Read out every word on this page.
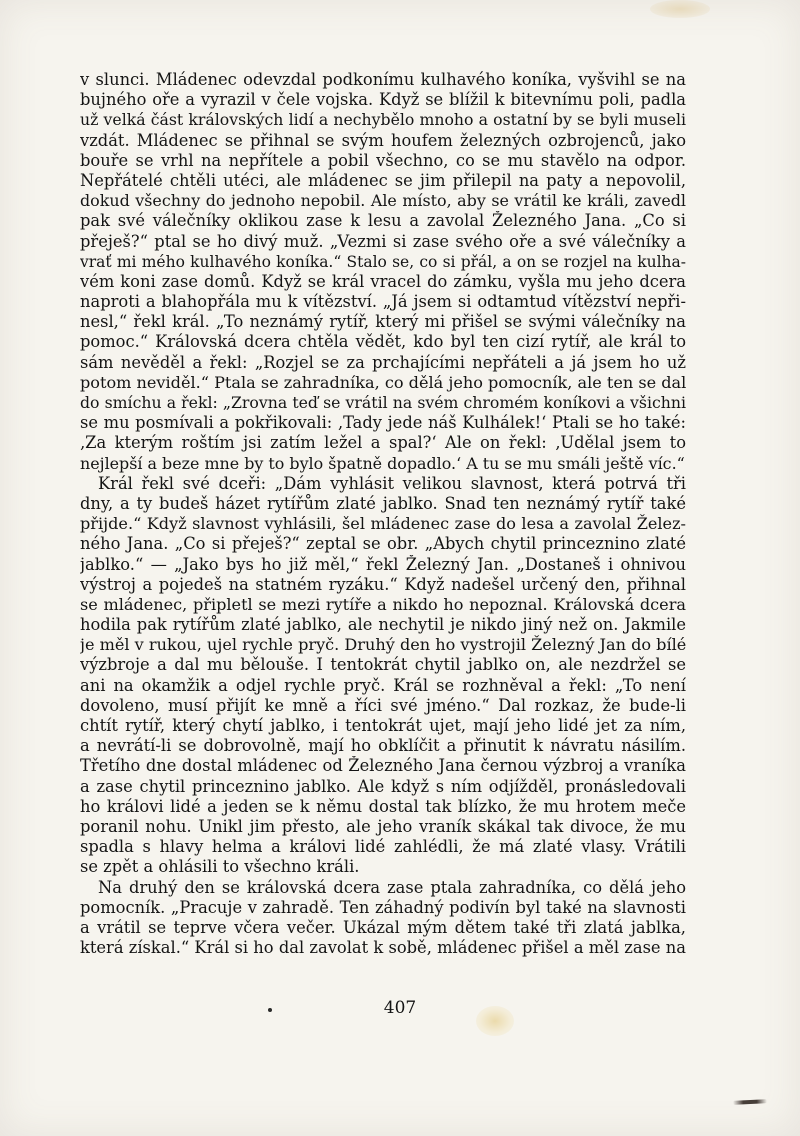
v slunci. Mládenec odevzdal podkonímu kulhavého koníka, vyšvihl se na
bujného oře a vyrazil v čele vojska. Když se blížil k bitevnímu poli, padla
už velká část královských lidí a nechybělo mnoho a ostatní by se byli museli
vzdát. Mládenec se přihnal se svým houfem železných ozbrojenců, jako
bouře se vrhl na nepřítele a pobil všechno, co se mu stavělo na odpor.
Nepřátelé chtěli utéci, ale mládenec se jim přilepil na paty a nepovolil,
dokud všechny do jednoho nepobil. Ale místo, aby se vrátil ke králi, zavedl
pak své válečníky oklikou zase k lesu a zavolal Železného Jana. „Co si
přeješ?“ ptal se ho divý muž. „Vezmi si zase svého oře a své válečníky a
vrať mi mého kulhavého koníka.“ Stalo se, co si přál, a on se rozjel na kulha-
vém koni zase domů. Když se král vracel do zámku, vyšla mu jeho dcera
naproti a blahopřála mu k vítězství. „Já jsem si odtamtud vítězství nepři-
nesl,“ řekl král. „To neznámý rytíř, který mi přišel se svými válečníky na
pomoc.“ Královská dcera chtěla vědět, kdo byl ten cizí rytíř, ale král to
sám nevěděl a řekl: „Rozjel se za prchajícími nepřáteli a já jsem ho už
potom neviděl.“ Ptala se zahradníka, co dělá jeho pomocník, ale ten se dal
do smíchu a řekl: „Zrovna teď se vrátil na svém chromém koníkovi a všichni
se mu posmívali a pokřikovali: ‚Tady jede náš Kulhálek!‘ Ptali se ho také:
‚Za kterým roštím jsi zatím ležel a spal?‘ Ale on řekl: ‚Udělal jsem to
nejlepší a beze mne by to bylo špatně dopadlo.‘ A tu se mu smáli ještě víc.“
Král řekl své dceři: „Dám vyhlásit velikou slavnost, která potrvá tři
dny, a ty budeš házet rytířům zlaté jablko. Snad ten neznámý rytíř také
přijde.“ Když slavnost vyhlásili, šel mládenec zase do lesa a zavolal Želez-
ného Jana. „Co si přeješ?“ zeptal se obr. „Abych chytil princeznino zlaté
jablko.“ — „Jako bys ho již měl,“ řekl Železný Jan. „Dostaneš i ohnivou
výstroj a pojedeš na statném ryzáku.“ Když nadešel určený den, přihnal
se mládenec, připletl se mezi rytíře a nikdo ho nepoznal. Královská dcera
hodila pak rytířům zlaté jablko, ale nechytil je nikdo jiný než on. Jakmile
je měl v rukou, ujel rychle pryč. Druhý den ho vystrojil Železný Jan do bílé
výzbroje a dal mu bělouše. I tentokrát chytil jablko on, ale nezdržel se
ani na okamžik a odjel rychle pryč. Král se rozhněval a řekl: „To není
dovoleno, musí přijít ke mně a říci své jméno.“ Dal rozkaz, že bude-li
chtít rytíř, který chytí jablko, i tentokrát ujet, mají jeho lidé jet za ním,
a nevrátí-li se dobrovolně, mají ho obklíčit a přinutit k návratu násilím.
Třetího dne dostal mládenec od Železného Jana černou výzbroj a vraníka
a zase chytil princeznino jablko. Ale když s ním odjížděl, pronásledovali
ho královi lidé a jeden se k němu dostal tak blízko, že mu hrotem meče
poranil nohu. Unikl jim přesto, ale jeho vraník skákal tak divoce, že mu
spadla s hlavy helma a královi lidé zahlédli, že má zlaté vlasy. Vrátili
se zpět a ohlásili to všechno králi.
Na druhý den se královská dcera zase ptala zahradníka, co dělá jeho
pomocník. „Pracuje v zahradě. Ten záhadný podivín byl také na slavnosti
a vrátil se teprve včera večer. Ukázal mým dětem také tři zlatá jablka,
která získal.“ Král si ho dal zavolat k sobě, mládenec přišel a měl zase na
407
